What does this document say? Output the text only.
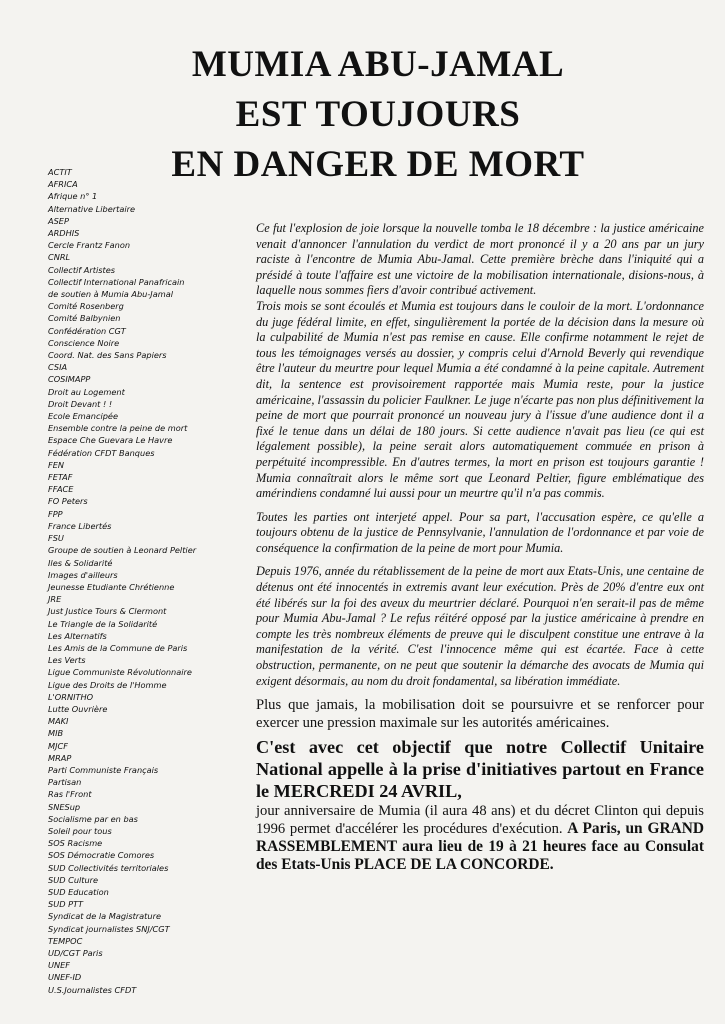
MUMIA ABU-JAMAL
EST TOUJOURS
EN DANGER DE MORT
ACTIT
AFRICA
Afrique n° 1
Alternative Libertaire
ASEP
ARDHIS
Cercle Frantz Fanon
CNRL
Collectif Artistes
Collectif International Panafricain
de soutien à Mumia Abu-Jamal
Comité Rosenberg
Comité Balbynien
Confédération CGT
Conscience Noire
Coord. Nat. des Sans Papiers
CSIA
COSIMAPP
Droit au Logement
Droit Devant ! !
Ecole Emancipée
Ensemble contre la peine de mort
Espace Che Guevara Le Havre
Fédération CFDT Banques
FEN
FETAF
FFACE
FO Peters
FPP
France Libertés
FSU
Groupe de soutien à Leonard Peltier
Iles & Solidarité
Images d'ailleurs
Jeunesse Etudiante Chrétienne
JRE
Just Justice Tours & Clermont
Le Triangle de la Solidarité
Les Alternatifs
Les Amis de la Commune de Paris
Les Verts
Ligue Communiste Révolutionnaire
Ligue des Droits de l'Homme
L'ORNITHO
Lutte Ouvrière
MAKI
MIB
MJCF
MRAP
Parti Communiste Français
Partisan
Ras l'Front
SNESup
Socialisme par en bas
Soleil pour tous
SOS Racisme
SOS Démocratie Comores
SUD Collectivités territoriales
SUD Culture
SUD Education
SUD PTT
Syndicat de la Magistrature
Syndicat journalistes SNJ/CGT
TEMPOC
UD/CGT Paris
UNEF
UNEF-ID
U.S.Journalistes CFDT

Ce fut l'explosion de joie lorsque la nouvelle tomba le 18 décembre : la justice américaine venait d'annoncer l'annulation du verdict de mort prononcé il y a 20 ans par un jury raciste à l'encontre de Mumia Abu-Jamal. Cette première brèche dans l'iniquité qui a présidé à toute l'affaire est une victoire de la mobilisation internationale, disions-nous, à laquelle nous sommes fiers d'avoir contribué activement.

Trois mois se sont écoulés et Mumia est toujours dans le couloir de la mort. L'ordonnance du juge fédéral limite, en effet, singulièrement la portée de la décision dans la mesure où la culpabilité de Mumia n'est pas remise en cause. Elle confirme notamment le rejet de tous les témoignages versés au dossier, y compris celui d'Arnold Beverly qui revendique être l'auteur du meurtre pour lequel Mumia a été condamné à la peine capitale. Autrement dit, la sentence est provisoirement rapportée mais Mumia reste, pour la justice américaine, l'assassin du policier Faulkner. Le juge n'écarte pas non plus définitivement la peine de mort que pourrait prononcé un nouveau jury à l'issue d'une audience dont il a fixé le tenue dans un délai de 180 jours. Si cette audience n'avait pas lieu (ce qui est légalement possible), la peine serait alors automatiquement commuée en prison à perpétuité incompressible. En d'autres termes, la mort en prison est toujours garantie ! Mumia connaîtrait alors le même sort que Leonard Peltier, figure emblématique des amérindiens condamné lui aussi pour un meurtre qu'il n'a pas commis.

Toutes les parties ont interjeté appel. Pour sa part, l'accusation espère, ce qu'elle a toujours obtenu de la justice de Pennsylvanie, l'annulation de l'ordonnance et par voie de conséquence la confirmation de la peine de mort pour Mumia.

Depuis 1976, année du rétablissement de la peine de mort aux Etats-Unis, une centaine de détenus ont été innocentés in extremis avant leur exécution. Près de 20% d'entre eux ont été libérés sur la foi des aveux du meurtrier déclaré. Pourquoi n'en serait-il pas de même pour Mumia Abu-Jamal ? Le refus réitéré opposé par la justice américaine à prendre en compte les très nombreux éléments de preuve qui le disculpent constitue une entrave à la manifestation de la vérité. C'est l'innocence même qui est écartée. Face à cette obstruction, permanente, on ne peut que soutenir la démarche des avocats de Mumia qui exigent désormais, au nom du droit fondamental, sa libération immédiate.

Plus que jamais, la mobilisation doit se poursuivre et se renforcer pour exercer une pression maximale sur les autorités américaines.

C'est avec cet objectif que notre Collectif Unitaire National appelle à la prise d'initiatives partout en France le MERCREDI 24 AVRIL,

jour anniversaire de Mumia (il aura 48 ans) et du décret Clinton qui depuis 1996 permet d'accélérer les procédures d'exécution. A Paris, un GRAND RASSEMBLEMENT aura lieu de 19 à 21 heures face au Consulat des Etats-Unis PLACE DE LA CONCORDE.
